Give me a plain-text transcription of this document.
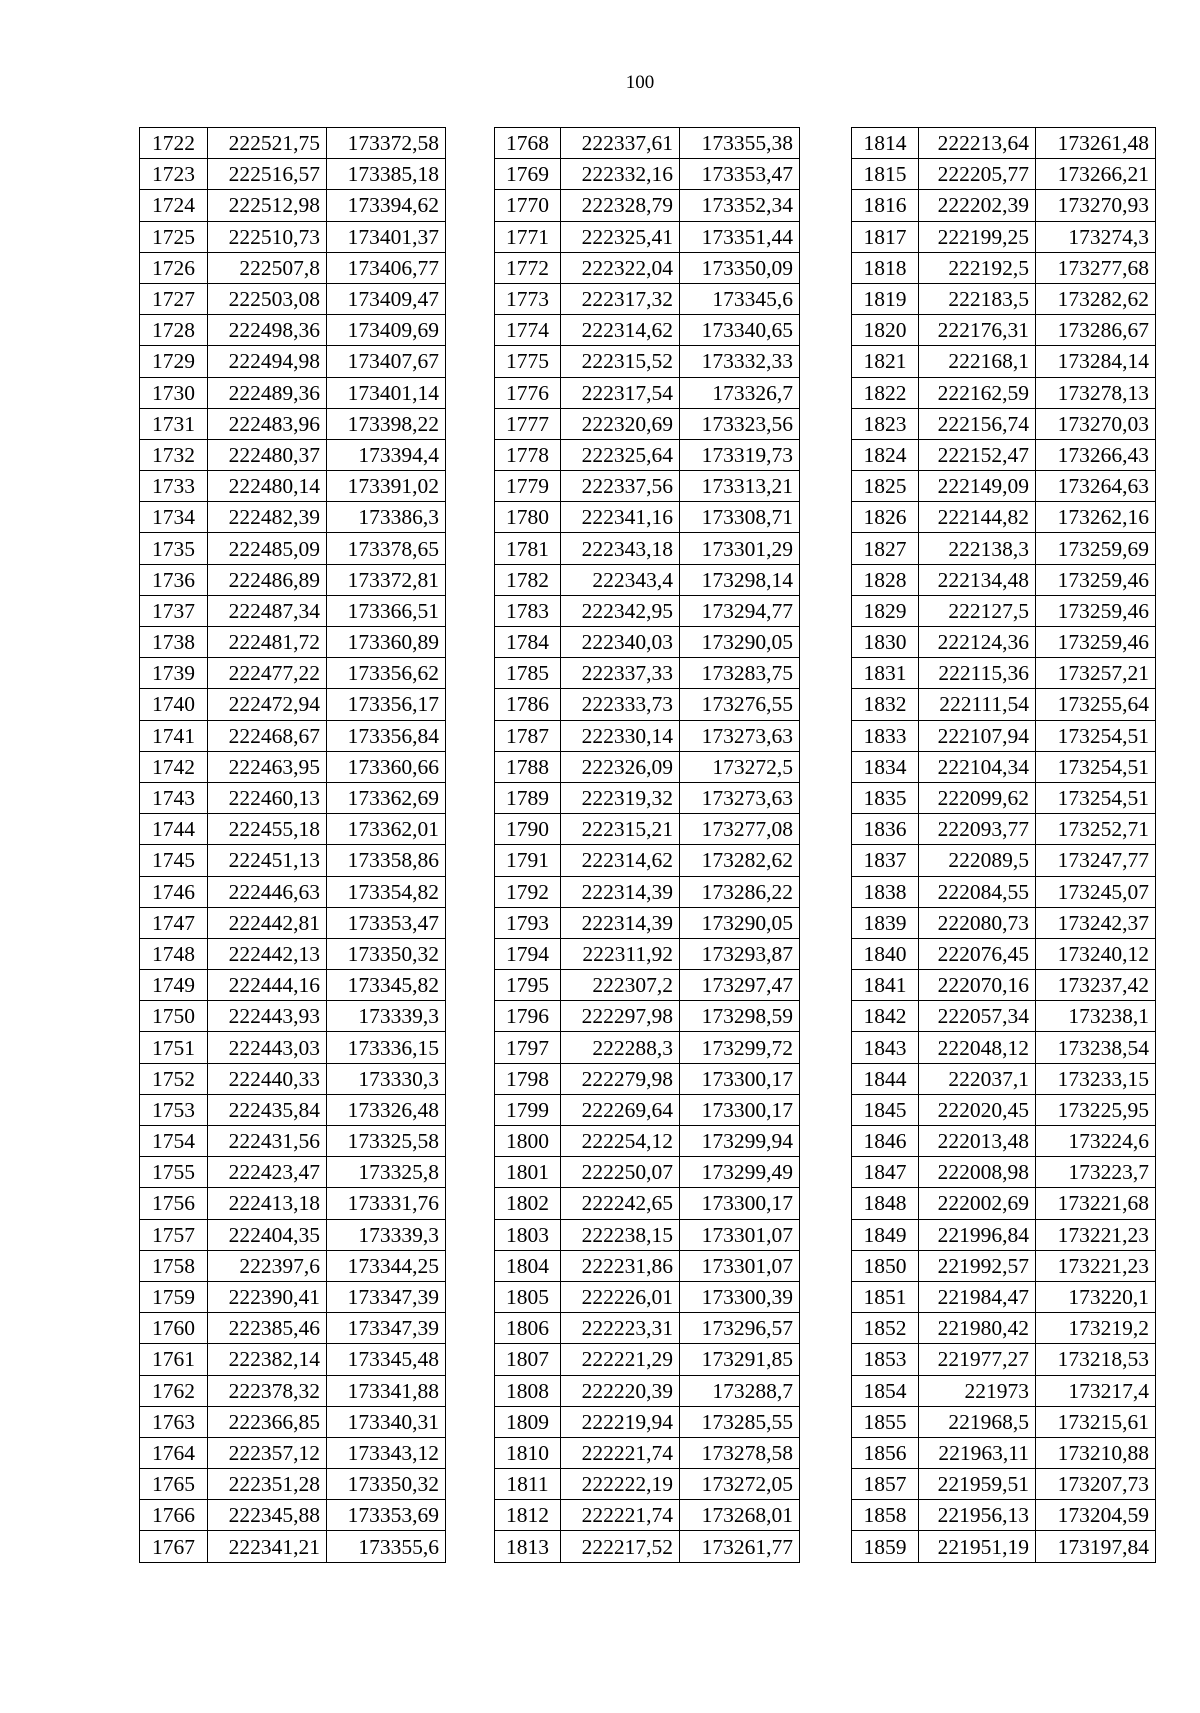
100
1722	222521,75	173372,58
1723	222516,57	173385,18
1724	222512,98	173394,62
1725	222510,73	173401,37
1726	222507,8	173406,77
1727	222503,08	173409,47
1728	222498,36	173409,69
1729	222494,98	173407,67
1730	222489,36	173401,14
1731	222483,96	173398,22
1732	222480,37	173394,4
1733	222480,14	173391,02
1734	222482,39	173386,3
1735	222485,09	173378,65
1736	222486,89	173372,81
1737	222487,34	173366,51
1738	222481,72	173360,89
1739	222477,22	173356,62
1740	222472,94	173356,17
1741	222468,67	173356,84
1742	222463,95	173360,66
1743	222460,13	173362,69
1744	222455,18	173362,01
1745	222451,13	173358,86
1746	222446,63	173354,82
1747	222442,81	173353,47
1748	222442,13	173350,32
1749	222444,16	173345,82
1750	222443,93	173339,3
1751	222443,03	173336,15
1752	222440,33	173330,3
1753	222435,84	173326,48
1754	222431,56	173325,58
1755	222423,47	173325,8
1756	222413,18	173331,76
1757	222404,35	173339,3
1758	222397,6	173344,25
1759	222390,41	173347,39
1760	222385,46	173347,39
1761	222382,14	173345,48
1762	222378,32	173341,88
1763	222366,85	173340,31
1764	222357,12	173343,12
1765	222351,28	173350,32
1766	222345,88	173353,69
1767	222341,21	173355,6
1768	222337,61	173355,38
1769	222332,16	173353,47
1770	222328,79	173352,34
1771	222325,41	173351,44
1772	222322,04	173350,09
1773	222317,32	173345,6
1774	222314,62	173340,65
1775	222315,52	173332,33
1776	222317,54	173326,7
1777	222320,69	173323,56
1778	222325,64	173319,73
1779	222337,56	173313,21
1780	222341,16	173308,71
1781	222343,18	173301,29
1782	222343,4	173298,14
1783	222342,95	173294,77
1784	222340,03	173290,05
1785	222337,33	173283,75
1786	222333,73	173276,55
1787	222330,14	173273,63
1788	222326,09	173272,5
1789	222319,32	173273,63
1790	222315,21	173277,08
1791	222314,62	173282,62
1792	222314,39	173286,22
1793	222314,39	173290,05
1794	222311,92	173293,87
1795	222307,2	173297,47
1796	222297,98	173298,59
1797	222288,3	173299,72
1798	222279,98	173300,17
1799	222269,64	173300,17
1800	222254,12	173299,94
1801	222250,07	173299,49
1802	222242,65	173300,17
1803	222238,15	173301,07
1804	222231,86	173301,07
1805	222226,01	173300,39
1806	222223,31	173296,57
1807	222221,29	173291,85
1808	222220,39	173288,7
1809	222219,94	173285,55
1810	222221,74	173278,58
1811	222222,19	173272,05
1812	222221,74	173268,01
1813	222217,52	173261,77
1814	222213,64	173261,48
1815	222205,77	173266,21
1816	222202,39	173270,93
1817	222199,25	173274,3
1818	222192,5	173277,68
1819	222183,5	173282,62
1820	222176,31	173286,67
1821	222168,1	173284,14
1822	222162,59	173278,13
1823	222156,74	173270,03
1824	222152,47	173266,43
1825	222149,09	173264,63
1826	222144,82	173262,16
1827	222138,3	173259,69
1828	222134,48	173259,46
1829	222127,5	173259,46
1830	222124,36	173259,46
1831	222115,36	173257,21
1832	222111,54	173255,64
1833	222107,94	173254,51
1834	222104,34	173254,51
1835	222099,62	173254,51
1836	222093,77	173252,71
1837	222089,5	173247,77
1838	222084,55	173245,07
1839	222080,73	173242,37
1840	222076,45	173240,12
1841	222070,16	173237,42
1842	222057,34	173238,1
1843	222048,12	173238,54
1844	222037,1	173233,15
1845	222020,45	173225,95
1846	222013,48	173224,6
1847	222008,98	173223,7
1848	222002,69	173221,68
1849	221996,84	173221,23
1850	221992,57	173221,23
1851	221984,47	173220,1
1852	221980,42	173219,2
1853	221977,27	173218,53
1854	221973	173217,4
1855	221968,5	173215,61
1856	221963,11	173210,88
1857	221959,51	173207,73
1858	221956,13	173204,59
1859	221951,19	173197,84
